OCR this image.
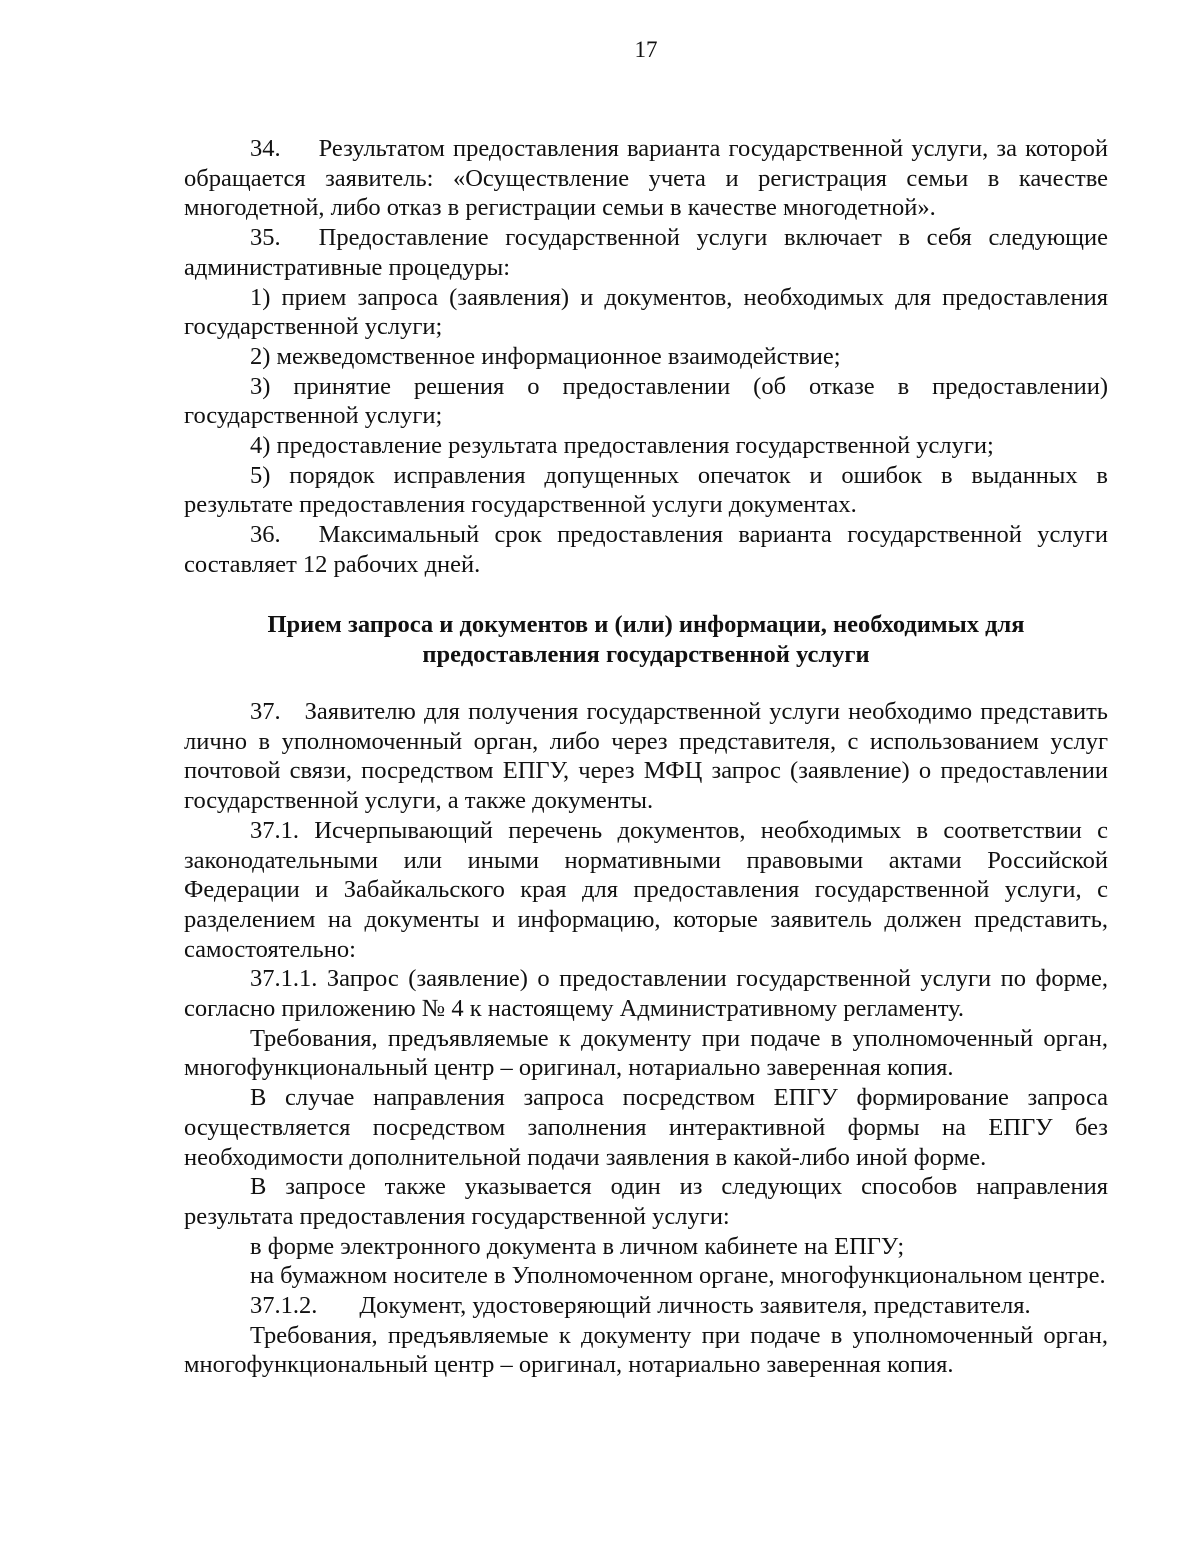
17

34. Результатом предоставления варианта государственной услуги, за которой обращается заявитель: «Осуществление учета и регистрация семьи в качестве многодетной, либо отказ в регистрации семьи в качестве многодетной».

35. Предоставление государственной услуги включает в себя следующие административные процедуры:

1) прием запроса (заявления) и документов, необходимых для предоставления государственной услуги;

2) межведомственное информационное взаимодействие;

3) принятие решения о предоставлении (об отказе в предоставлении) государственной услуги;

4) предоставление результата предоставления государственной услуги;

5) порядок исправления допущенных опечаток и ошибок в выданных в результате предоставления государственной услуги документах.

36. Максимальный срок предоставления варианта государственной услуги составляет 12 рабочих дней.

Прием запроса и документов и (или) информации, необходимых для
предоставления государственной услуги

37. Заявителю для получения государственной услуги необходимо представить лично в уполномоченный орган, либо через представителя, с использованием услуг почтовой связи, посредством ЕПГУ, через МФЦ запрос (заявление) о предоставлении государственной услуги, а также документы.

37.1. Исчерпывающий перечень документов, необходимых в соответствии с законодательными или иными нормативными правовыми актами Российской Федерации и Забайкальского края для предоставления государственной услуги, с разделением на документы и информацию, которые заявитель должен представить, самостоятельно:

37.1.1. Запрос (заявление) о предоставлении государственной услуги по форме, согласно приложению № 4 к настоящему Административному регламенту.

Требования, предъявляемые к документу при подаче в уполномоченный орган, многофункциональный центр – оригинал, нотариально заверенная копия.

В случае направления запроса посредством ЕПГУ формирование запроса осуществляется посредством заполнения интерактивной формы на ЕПГУ без необходимости дополнительной подачи заявления в какой-либо иной форме.

В запросе также указывается один из следующих способов направления результата предоставления государственной услуги:

в форме электронного документа в личном кабинете на ЕПГУ;

на бумажном носителе в Уполномоченном органе, многофункциональном центре.

37.1.2. Документ, удостоверяющий личность заявителя, представителя.

Требования, предъявляемые к документу при подаче в уполномоченный орган, многофункциональный центр – оригинал, нотариально заверенная копия.
